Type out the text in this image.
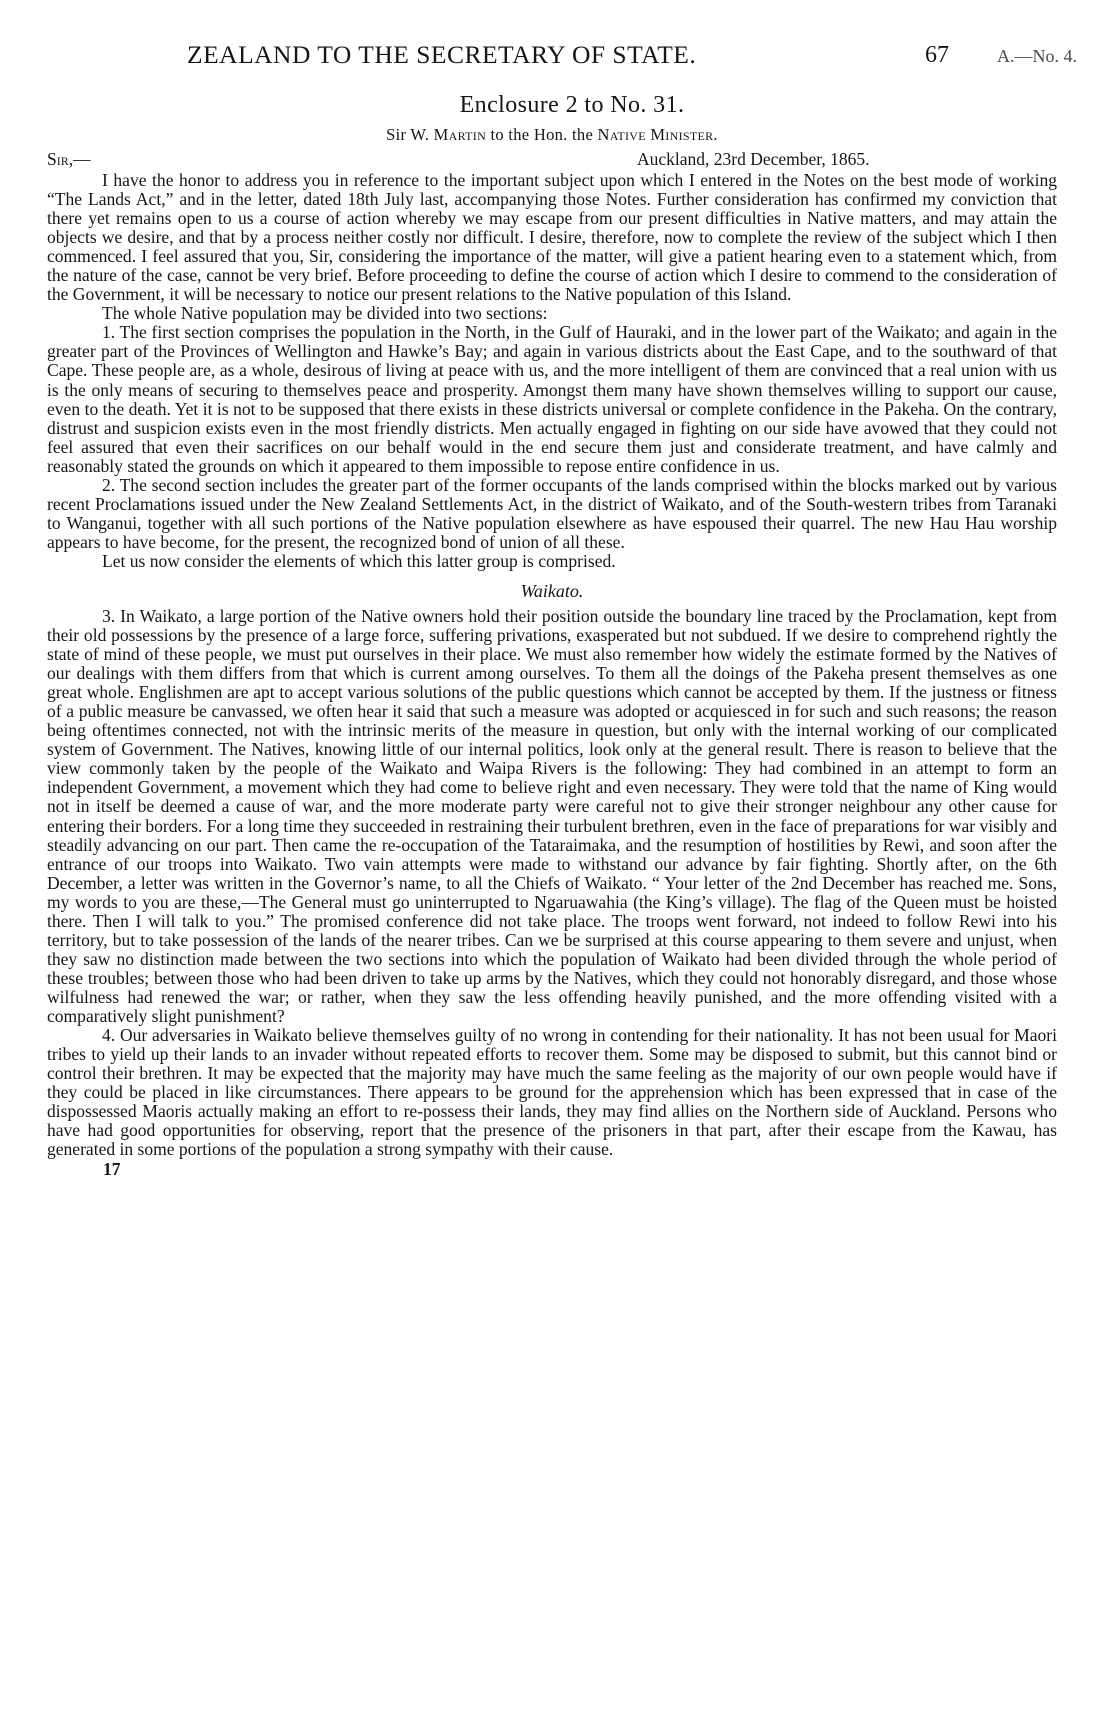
ZEALAND TO THE SECRETARY OF STATE.	67	A.—No. 4.
Enclosure 2 to No. 31.
Sir W. Martin to the Hon. the Native Minister.
Sir,—	Auckland, 23rd December, 1865.

I have the honor to address you in reference to the important subject upon which I entered in the Notes on the best mode of working “The Lands Act,” and in the letter, dated 18th July last, accompanying those Notes. Further consideration has confirmed my conviction that there yet remains open to us a course of action whereby we may escape from our present difficulties in Native matters, and may attain the objects we desire, and that by a process neither costly nor difficult. I desire, therefore, now to complete the review of the subject which I then commenced. I feel assured that you, Sir, considering the importance of the matter, will give a patient hearing even to a statement which, from the nature of the case, cannot be very brief. Before proceeding to define the course of action which I desire to commend to the consideration of the Government, it will be necessary to notice our present relations to the Native population of this Island.

The whole Native population may be divided into two sections:

1. The first section comprises the population in the North, in the Gulf of Hauraki, and in the lower part of the Waikato; and again in the greater part of the Provinces of Wellington and Hawke’s Bay; and again in various districts about the East Cape, and to the southward of that Cape. These people are, as a whole, desirous of living at peace with us, and the more intelligent of them are convinced that a real union with us is the only means of securing to themselves peace and prosperity. Amongst them many have shown themselves willing to support our cause, even to the death. Yet it is not to be supposed that there exists in these districts universal or complete confidence in the Pakeha. On the contrary, distrust and suspicion exists even in the most friendly districts. Men actually engaged in fighting on our side have avowed that they could not feel assured that even their sacrifices on our behalf would in the end secure them just and considerate treatment, and have calmly and reasonably stated the grounds on which it appeared to them impossible to repose entire confidence in us.

2. The second section includes the greater part of the former occupants of the lands comprised within the blocks marked out by various recent Proclamations issued under the New Zealand Settlements Act, in the district of Waikato, and of the South-western tribes from Taranaki to Wanganui, together with all such portions of the Native population elsewhere as have espoused their quarrel. The new Hau Hau worship appears to have become, for the present, the recognized bond of union of all these.

Let us now consider the elements of which this latter group is comprised.

Waikato.

3. In Waikato, a large portion of the Native owners hold their position outside the boundary line traced by the Proclamation, kept from their old possessions by the presence of a large force, suffering privations, exasperated but not subdued. If we desire to comprehend rightly the state of mind of these people, we must put ourselves in their place. We must also remember how widely the estimate formed by the Natives of our dealings with them differs from that which is current among ourselves. To them all the doings of the Pakeha present themselves as one great whole. Englishmen are apt to accept various solutions of the public questions which cannot be accepted by them. If the justness or fitness of a public measure be canvassed, we often hear it said that such a measure was adopted or acquiesced in for such and such reasons; the reason being oftentimes connected, not with the intrinsic merits of the measure in question, but only with the internal working of our complicated system of Government. The Natives, knowing little of our internal politics, look only at the general result. There is reason to believe that the view commonly taken by the people of the Waikato and Waipa Rivers is the following: They had combined in an attempt to form an independent Government, a movement which they had come to believe right and even necessary. They were told that the name of King would not in itself be deemed a cause of war, and the more moderate party were careful not to give their stronger neighbour any other cause for entering their borders. For a long time they succeeded in restraining their turbulent brethren, even in the face of preparations for war visibly and steadily advancing on our part. Then came the re-occupation of the Tataraimaka, and the resumption of hostilities by Rewi, and soon after the entrance of our troops into Waikato. Two vain attempts were made to withstand our advance by fair fighting. Shortly after, on the 6th December, a letter was written in the Governor’s name, to all the Chiefs of Waikato. “ Your letter of the 2nd December has reached me. Sons, my words to you are these,—The General must go uninterrupted to Ngaruawahia (the King’s village). The flag of the Queen must be hoisted there. Then I will talk to you.” The promised conference did not take place. The troops went forward, not indeed to follow Rewi into his territory, but to take possession of the lands of the nearer tribes. Can we be surprised at this course appearing to them severe and unjust, when they saw no distinction made between the two sections into which the population of Waikato had been divided through the whole period of these troubles; between those who had been driven to take up arms by the Natives, which they could not honorably disregard, and those whose wilfulness had renewed the war; or rather, when they saw the less offending heavily punished, and the more offending visited with a comparatively slight punishment?

4. Our adversaries in Waikato believe themselves guilty of no wrong in contending for their nationality. It has not been usual for Maori tribes to yield up their lands to an invader without repeated efforts to recover them. Some may be disposed to submit, but this cannot bind or control their brethren. It may be expected that the majority may have much the same feeling as the majority of our own people would have if they could be placed in like circumstances. There appears to be ground for the apprehension which has been expressed that in case of the dispossessed Maoris actually making an effort to re-possess their lands, they may find allies on the Northern side of Auckland. Persons who have had good opportunities for observing, report that the presence of the prisoners in that part, after their escape from the Kawau, has generated in some portions of the population a strong sympathy with their cause.

17
